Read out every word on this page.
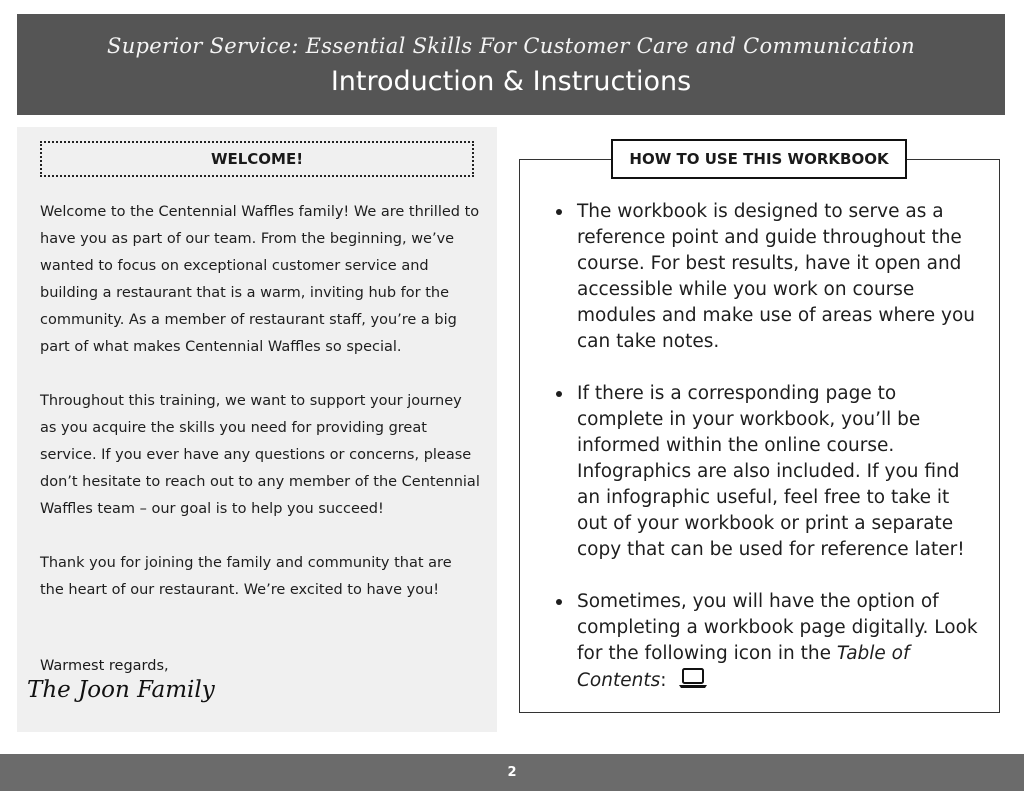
Superior Service: Essential Skills For Customer Care and Communication
Introduction & Instructions
WELCOME!

Welcome to the Centennial Waffles family! We are thrilled to have you as part of our team. From the beginning, we’ve wanted to focus on exceptional customer service and building a restaurant that is a warm, inviting hub for the community. As a member of restaurant staff, you’re a big part of what makes Centennial Waffles so special.

Throughout this training, we want to support your journey as you acquire the skills you need for providing great service. If you ever have any questions or concerns, please don’t hesitate to reach out to any member of the Centennial Waffles team – our goal is to help you succeed!

Thank you for joining the family and community that are the heart of our restaurant. We’re excited to have you!

Warmest regards,
The Joon Family
HOW TO USE THIS WORKBOOK
The workbook is designed to serve as a reference point and guide throughout the course. For best results, have it open and accessible while you work on course modules and make use of areas where you can take notes.
If there is a corresponding page to complete in your workbook, you’ll be informed within the online course. Infographics are also included. If you find an infographic useful, feel free to take it out of your workbook or print a separate copy that can be used for reference later!
Sometimes, you will have the option of completing a workbook page digitally. Look for the following icon in the Table of Contents:
2
